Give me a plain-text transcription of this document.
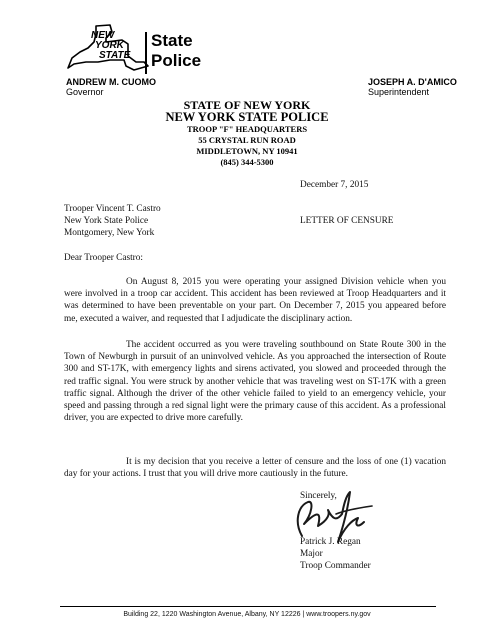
NEW
YORK
STATE
State
Police
ANDREW M. CUOMO
Governor
JOSEPH A. D'AMICO
Superintendent
STATE OF NEW YORK
NEW YORK STATE POLICE
TROOP "F" HEADQUARTERS
55 CRYSTAL RUN ROAD
MIDDLETOWN, NY 10941
(845) 344-5300
December 7, 2015
Trooper Vincent T. Castro
New York State Police
Montgomery, New York
LETTER OF CENSURE
Dear Trooper Castro:

On August 8, 2015 you were operating your assigned Division vehicle when you were involved in a troop car accident. This accident has been reviewed at Troop Headquarters and it was determined to have been preventable on your part. On December 7, 2015 you appeared before me, executed a waiver, and requested that I adjudicate the disciplinary action.

The accident occurred as you were traveling southbound on State Route 300 in the Town of Newburgh in pursuit of an uninvolved vehicle. As you approached the intersection of Route 300 and ST-17K, with emergency lights and sirens activated, you slowed and proceeded through the red traffic signal. You were struck by another vehicle that was traveling west on ST-17K with a green traffic signal. Although the driver of the other vehicle failed to yield to an emergency vehicle, your speed and passing through a red signal light were the primary cause of this accident. As a professional driver, you are expected to drive more carefully.

It is my decision that you receive a letter of censure and the loss of one (1) vacation day for your actions. I trust that you will drive more cautiously in the future.

Sincerely,
Patrick J. Regan
Major
Troop Commander
Building 22, 1220 Washington Avenue, Albany, NY 12226 | www.troopers.ny.gov
